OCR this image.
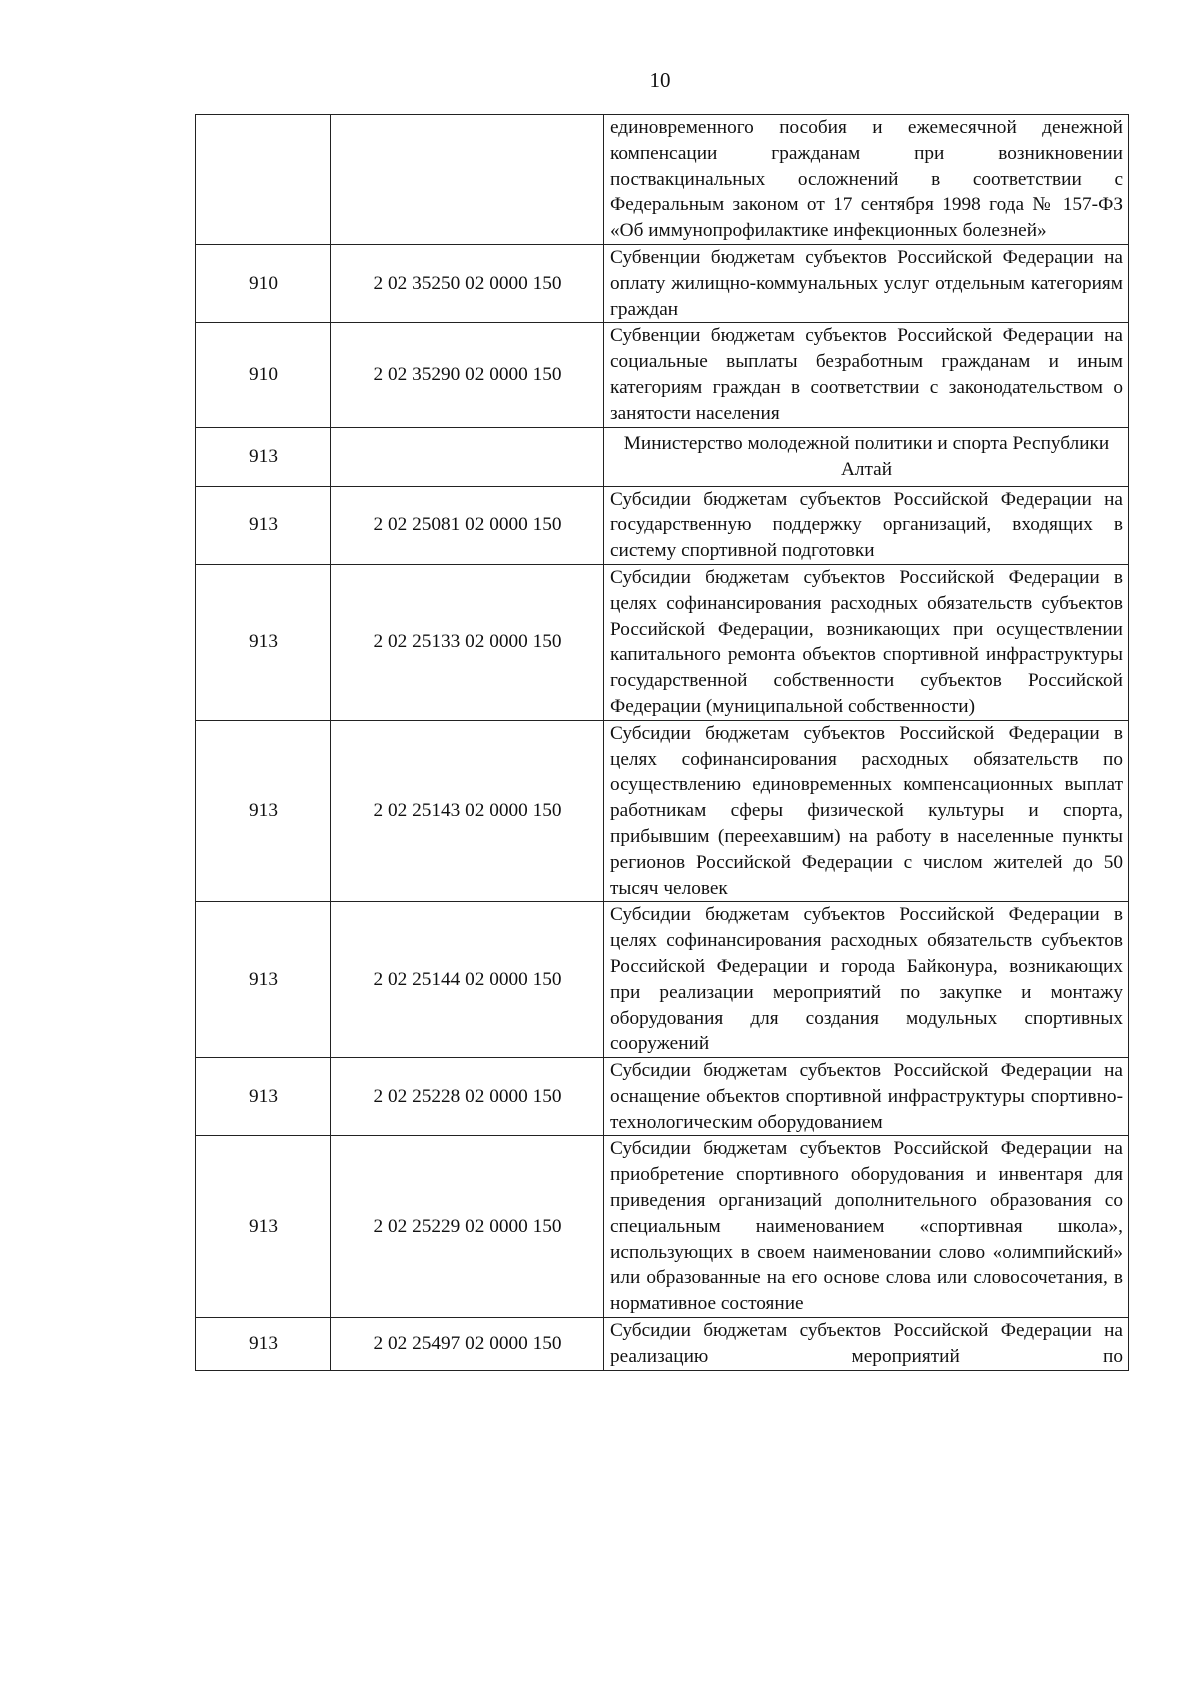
10
		единовременного пособия и ежемесячной денежной компенсации гражданам при возникновении поствакцинальных осложнений в соответствии с Федеральным законом от 17 сентября 1998 года № 157-ФЗ «Об иммунопрофилактике инфекционных болезней»
910	2 02 35250 02 0000 150	Субвенции бюджетам субъектов Российской Федерации на оплату жилищно-коммунальных услуг отдельным категориям граждан
910	2 02 35290 02 0000 150	Субвенции бюджетам субъектов Российской Федерации на социальные выплаты безработным гражданам и иным категориям граждан в соответствии с законодательством о занятости населения
913		Министерство молодежной политики и спорта Республики Алтай
913	2 02 25081 02 0000 150	Субсидии бюджетам субъектов Российской Федерации на государственную поддержку организаций, входящих в систему спортивной подготовки
913	2 02 25133 02 0000 150	Субсидии бюджетам субъектов Российской Федерации в целях софинансирования расходных обязательств субъектов Российской Федерации, возникающих при осуществлении капитального ремонта объектов спортивной инфраструктуры государственной собственности субъектов Российской Федерации (муниципальной собственности)
913	2 02 25143 02 0000 150	Субсидии бюджетам субъектов Российской Федерации в целях софинансирования расходных обязательств по осуществлению единовременных компенсационных выплат работникам сферы физической культуры и спорта, прибывшим (переехавшим) на работу в населенные пункты регионов Российской Федерации с числом жителей до 50 тысяч человек
913	2 02 25144 02 0000 150	Субсидии бюджетам субъектов Российской Федерации в целях софинансирования расходных обязательств субъектов Российской Федерации и города Байконура, возникающих при реализации мероприятий по закупке и монтажу оборудования для создания модульных спортивных сооружений
913	2 02 25228 02 0000 150	Субсидии бюджетам субъектов Российской Федерации на оснащение объектов спортивной инфраструктуры спортивно-технологическим оборудованием
913	2 02 25229 02 0000 150	Субсидии бюджетам субъектов Российской Федерации на приобретение спортивного оборудования и инвентаря для приведения организаций дополнительного образования со специальным наименованием «спортивная школа», использующих в своем наименовании слово «олимпийский» или образованные на его основе слова или словосочетания, в нормативное состояние
913	2 02 25497 02 0000 150	Субсидии бюджетам субъектов Российской Федерации на реализацию мероприятий по
